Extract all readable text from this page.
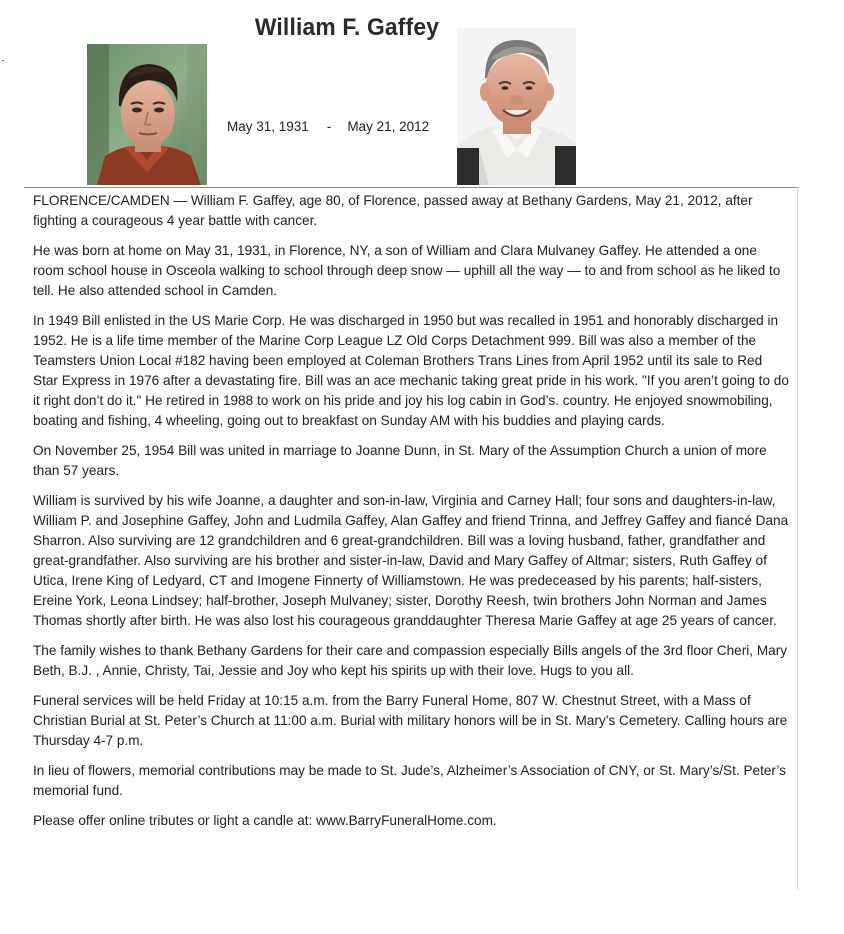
William F. Gaffey
May 31, 1931 - May 21, 2012

FLORENCE/CAMDEN — William F. Gaffey, age 80, of Florence, passed away at Bethany Gardens, May 21, 2012, after fighting a courageous 4 year battle with cancer.

He was born at home on May 31, 1931, in Florence, NY, a son of William and Clara Mulvaney Gaffey. He attended a one room school house in Osceola walking to school through deep snow — uphill all the way — to and from school as he liked to tell. He also attended school in Camden.

In 1949 Bill enlisted in the US Marie Corp. He was discharged in 1950 but was recalled in 1951 and honorably discharged in 1952. He is a life time member of the Marine Corp League LZ Old Corps Detachment 999. Bill was also a member of the Teamsters Union Local #182 having been employed at Coleman Brothers Trans Lines from April 1952 until its sale to Red Star Express in 1976 after a devastating fire. Bill was an ace mechanic taking great pride in his work. "If you aren’t going to do it right don’t do it." He retired in 1988 to work on his pride and joy his log cabin in God’s. country. He enjoyed snowmobiling, boating and fishing, 4 wheeling, going out to breakfast on Sunday AM with his buddies and playing cards.

On November 25, 1954 Bill was united in marriage to Joanne Dunn, in St. Mary of the Assumption Church a union of more than 57 years.

William is survived by his wife Joanne, a daughter and son-in-law, Virginia and Carney Hall; four sons and daughters-in-law, William P. and Josephine Gaffey, John and Ludmila Gaffey, Alan Gaffey and friend Trinna, and Jeffrey Gaffey and fiancé Dana Sharron. Also surviving are 12 grandchildren and 6 great-grandchildren. Bill was a loving husband, father, grandfather and great-grandfather. Also surviving are his brother and sister-in-law, David and Mary Gaffey of Altmar; sisters, Ruth Gaffey of Utica, Irene King of Ledyard, CT and Imogene Finnerty of Williamstown. He was predeceased by his parents; half-sisters, Ereine York, Leona Lindsey; half-brother, Joseph Mulvaney; sister, Dorothy Reesh, twin brothers John Norman and James Thomas shortly after birth. He was also lost his courageous granddaughter Theresa Marie Gaffey at age 25 years of cancer.

The family wishes to thank Bethany Gardens for their care and compassion especially Bills angels of the 3rd floor Cheri, Mary Beth, B.J. , Annie, Christy, Tai, Jessie and Joy who kept his spirits up with their love. Hugs to you all.

Funeral services will be held Friday at 10:15 a.m. from the Barry Funeral Home, 807 W. Chestnut Street, with a Mass of Christian Burial at St. Peter’s Church at 11:00 a.m. Burial with military honors will be in St. Mary’s Cemetery. Calling hours are Thursday 4-7 p.m.

In lieu of flowers, memorial contributions may be made to St. Jude’s, Alzheimer’s Association of CNY, or St. Mary’s/St. Peter’s memorial fund.

Please offer online tributes or light a candle at: www.BarryFuneralHome.com.
